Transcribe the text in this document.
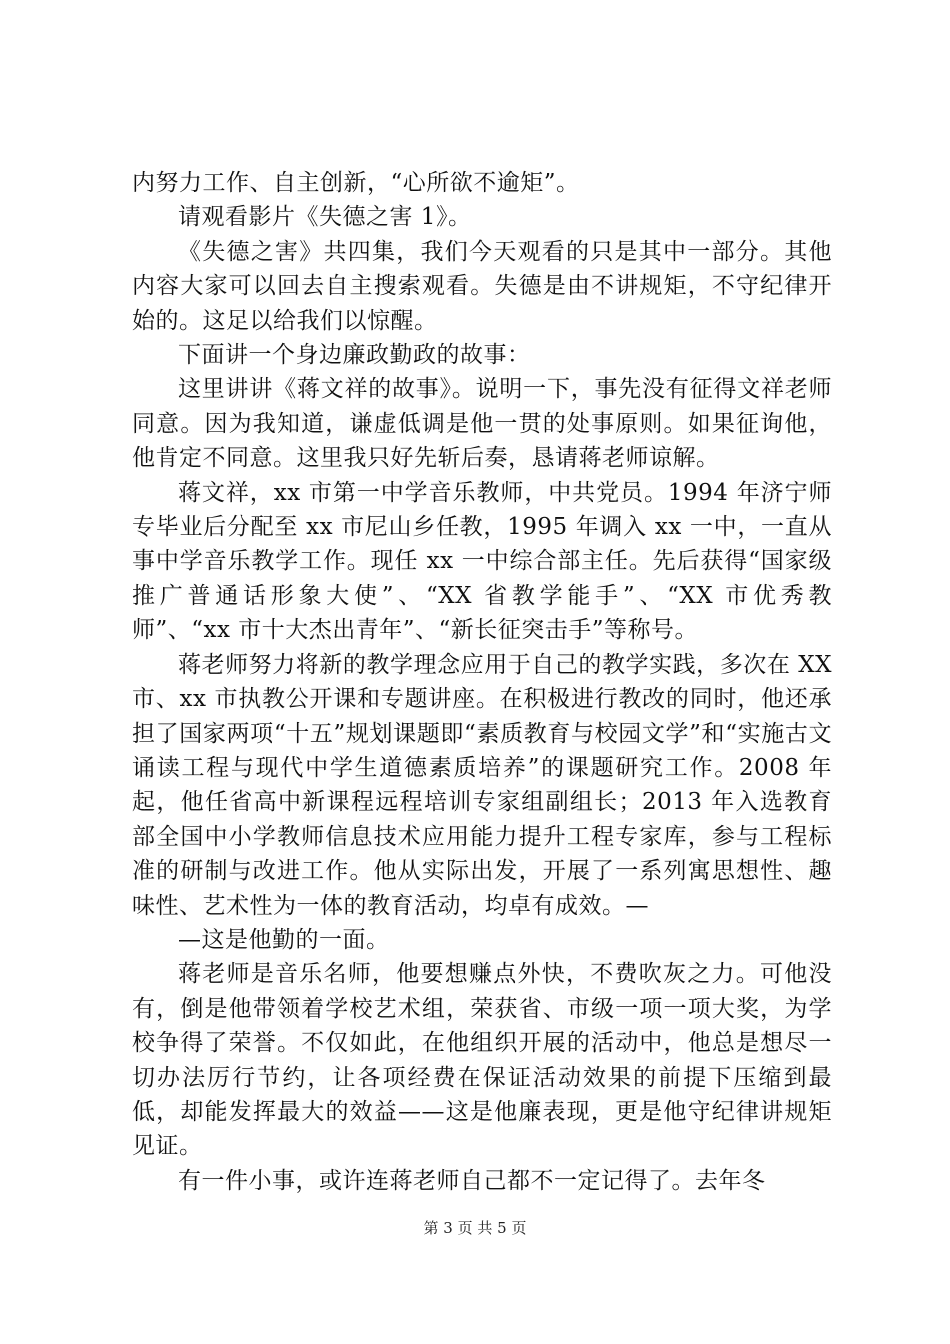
内努力工作、自主创新，“心所欲不逾矩”。

请观看影片《失德之害 1》。

《失德之害》共四集，我们今天观看的只是其中一部分。其他内容大家可以回去自主搜索观看。失德是由不讲规矩，不守纪律开始的。这足以给我们以惊醒。

下面讲一个身边廉政勤政的故事：

这里讲讲《蒋文祥的故事》。说明一下，事先没有征得文祥老师同意。因为我知道，谦虚低调是他一贯的处事原则。如果征询他，他肯定不同意。这里我只好先斩后奏，恳请蒋老师谅解。

蒋文祥，xx 市第一中学音乐教师，中共党员。1994 年济宁师专毕业后分配至 xx 市尼山乡任教，1995 年调入 xx 一中，一直从事中学音乐教学工作。现任 xx 一中综合部主任。先后获得“国家级推广普通话形象大使”、“XX 省教学能手”、“XX 市优秀教师”、“xx 市十大杰出青年”、“新长征突击手”等称号。

蒋老师努力将新的教学理念应用于自己的教学实践，多次在 XX 市、xx 市执教公开课和专题讲座。在积极进行教改的同时，他还承担了国家两项“十五”规划课题即“素质教育与校园文学”和“实施古文诵读工程与现代中学生道德素质培养”的课题研究工作。2008 年起，他任省高中新课程远程培训专家组副组长；2013 年入选教育部全国中小学教师信息技术应用能力提升工程专家库，参与工程标准的研制与改进工作。他从实际出发，开展了一系列寓思想性、趣味性、艺术性为一体的教育活动，均卓有成效。—

—这是他勤的一面。

蒋老师是音乐名师，他要想赚点外快，不费吹灰之力。可他没有，倒是他带领着学校艺术组，荣获省、市级一项一项大奖，为学校争得了荣誉。不仅如此，在他组织开展的活动中，他总是想尽一切办法厉行节约，让各项经费在保证活动效果的前提下压缩到最低，却能发挥最大的效益——这是他廉表现，更是他守纪律讲规矩见证。

有一件小事，或许连蒋老师自己都不一定记得了。去年冬

第 3 页 共 5 页
